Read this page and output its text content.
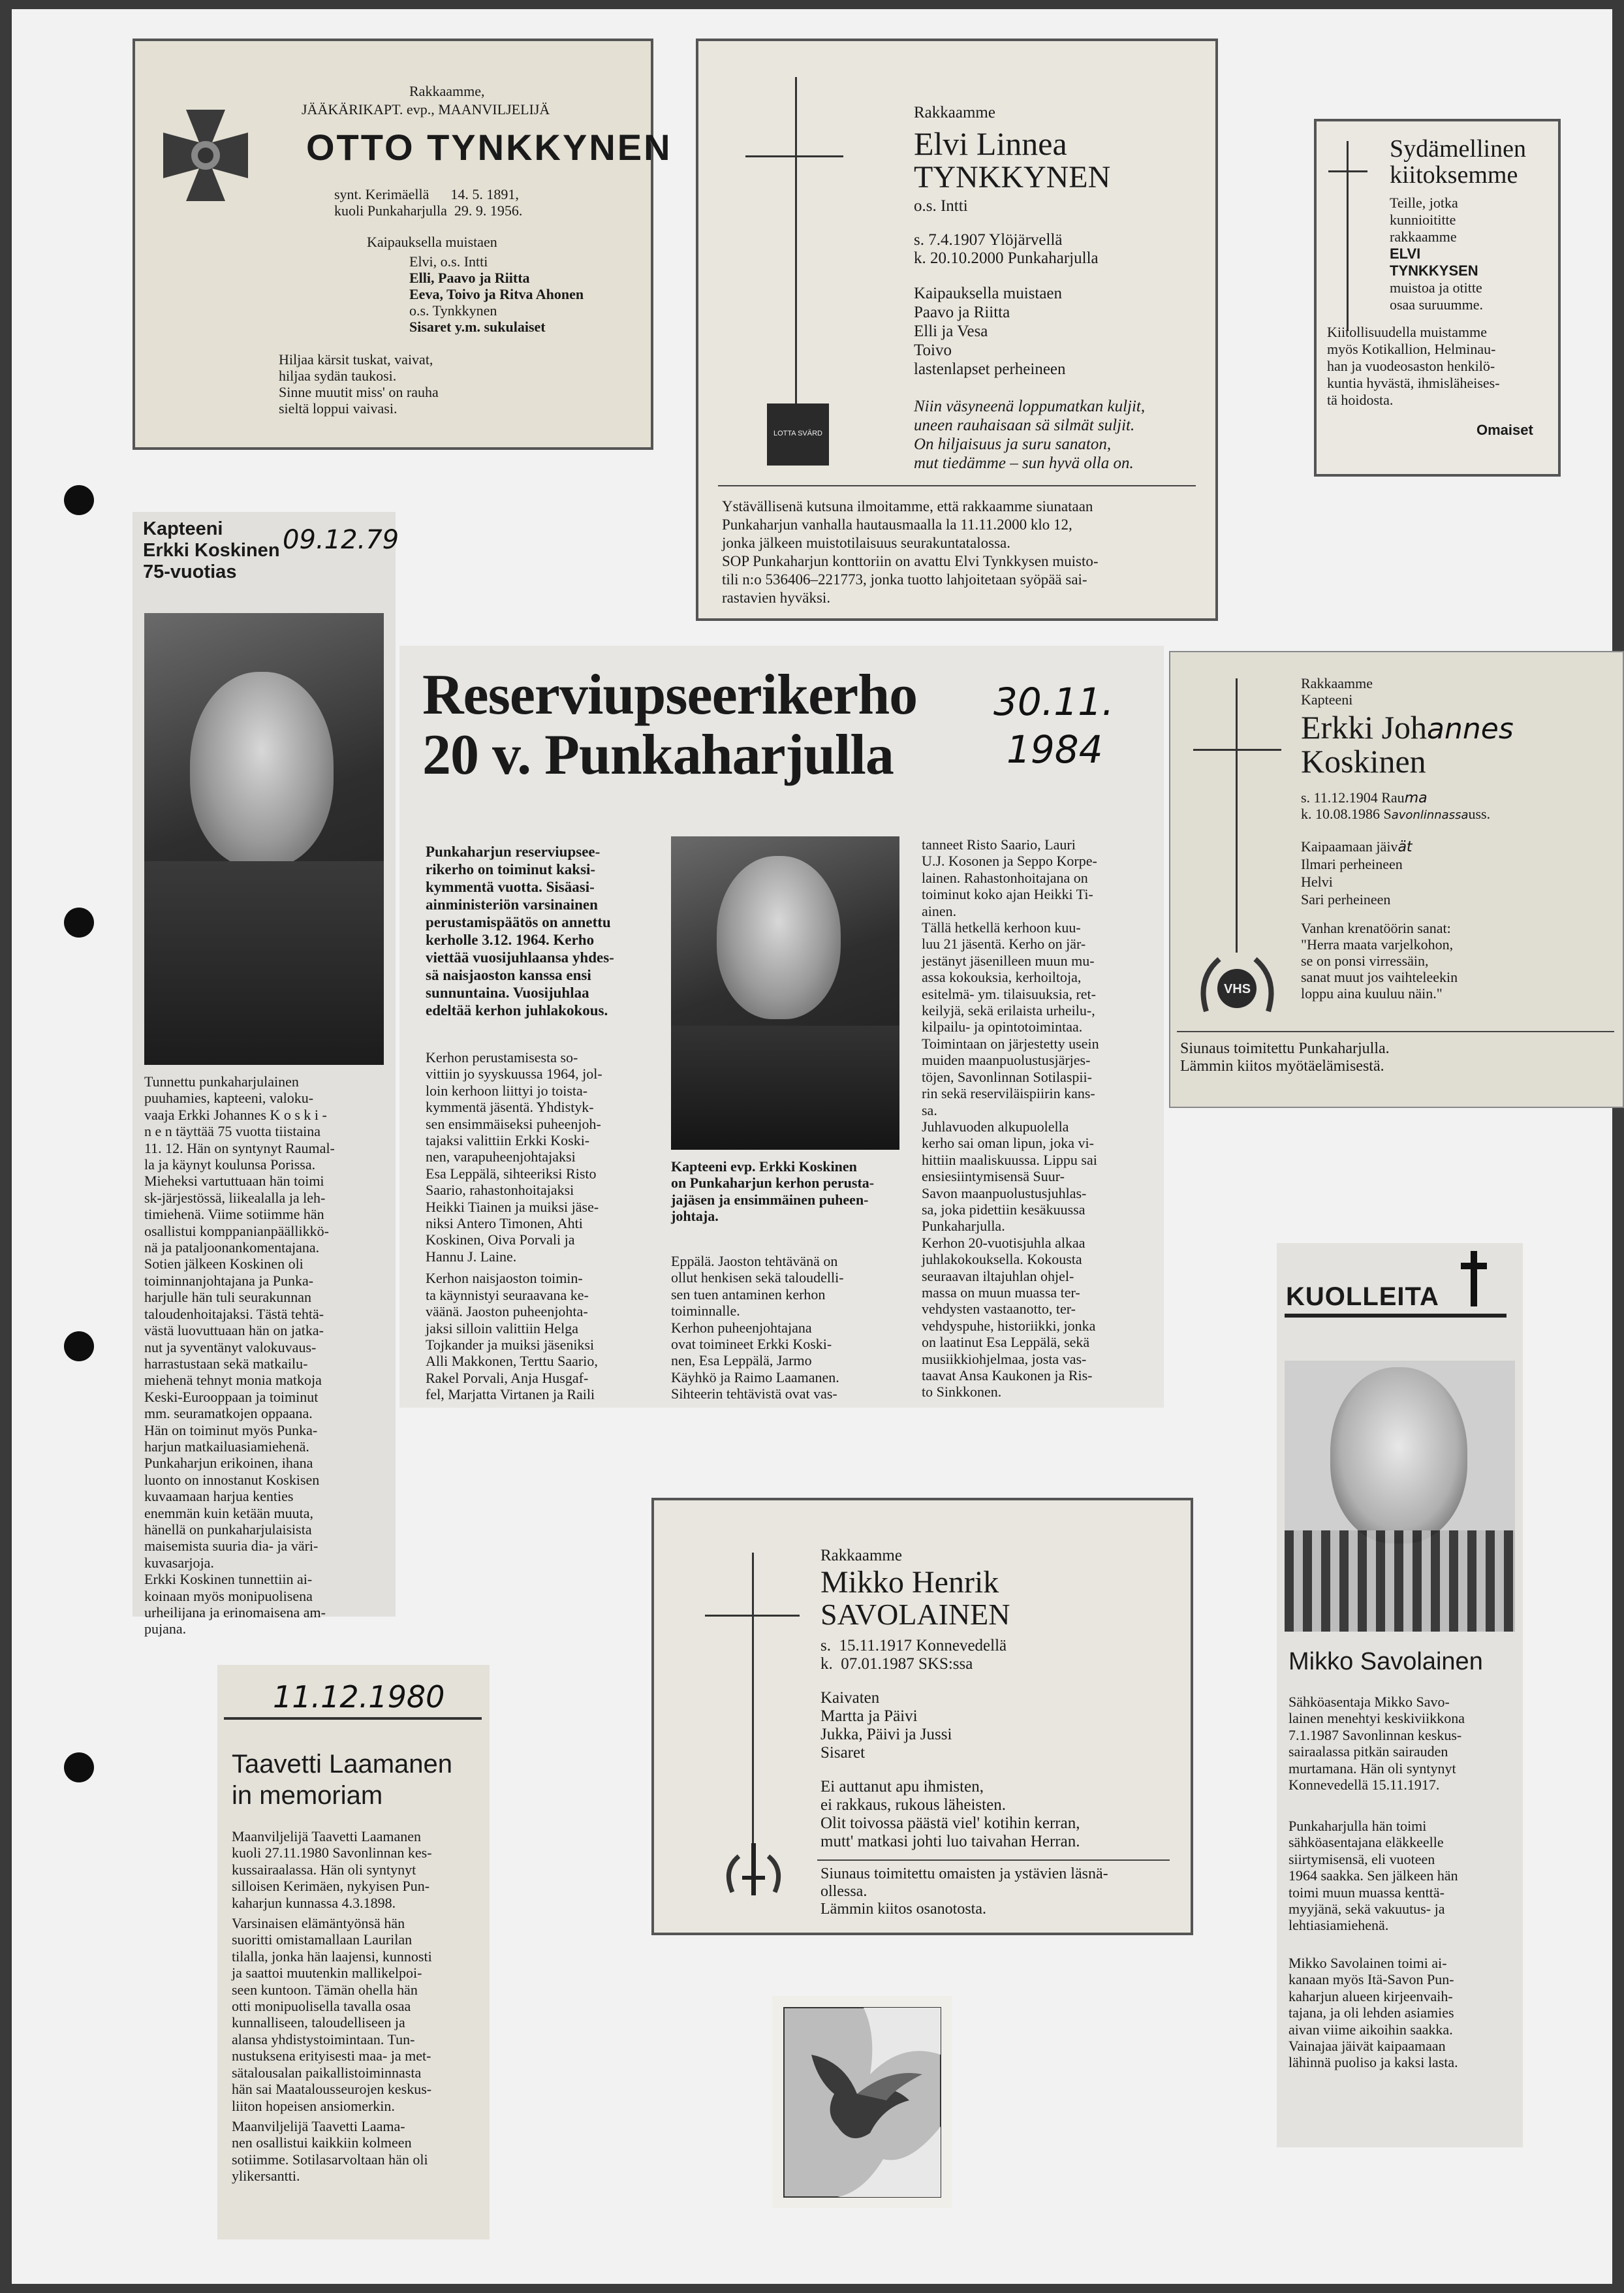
Rakkaamme,
JÄÄKÄRIKAPT. evp., MAANVILJELIJÄ
OTTO TYNKKYNEN
synt. Kerimäellä      14. 5. 1891,
kuoli Punkaharjulla  29. 9. 1956.
Kaipauksella muistaen
Elvi, o.s. Intti
Elli, Paavo ja Riitta
Eeva, Toivo ja Ritva Ahonen
o.s. Tynkkynen
Sisaret y.m. sukulaiset
Hiljaa kärsit tuskat, vaivat,
hiljaa sydän taukosi.
Sinne muutit miss' on rauha
sieltä loppui vaivasi.
Rakkaamme
Elvi Linnea
TYNKKYNEN
o.s. Intti
s. 7.4.1907 Ylöjärvellä
k. 20.10.2000 Punkaharjulla
Kaipauksella muistaen
Paavo ja Riitta
Elli ja Vesa
Toivo
lastenlapset perheineen
LOTTA SVÄRD
Niin väsyneenä loppumatkan kuljit,
uneen rauhaisaan sä silmät suljit.
On hiljaisuus ja suru sanaton,
mut tiedämme – sun hyvä olla on.
Ystävällisenä kutsuna ilmoitamme, että rakkaamme siunataan
Punkaharjun vanhalla hautausmaalla la 11.11.2000 klo 12,
jonka jälkeen muistotilaisuus seurakuntatalossa.
SOP Punkaharjun konttoriin on avattu Elvi Tynkkysen muisto-
tili n:o 536406–221773, jonka tuotto lahjoitetaan syöpää sai-
rastavien hyväksi.
Sydämellinen
kiitoksemme
Teille, jotka
kunnioititte
rakkaamme
ELVI
TYNKKYSEN
muistoa ja otitte
osaa suruumme.
Kiitollisuudella muistamme
myös Kotikallion, Helminau-
han ja vuodeosaston henkilö-
kuntia hyvästä, ihmisläheises-
tä hoidosta.
Omaiset
Kapteeni
Erkki Koskinen
75-vuotias
09.12.79
Tunnettu punkaharjulainen
puuhamies, kapteeni, valoku-
vaaja Erkki Johannes K o s k i -
n e n täyttää 75 vuotta tiistaina
11. 12. Hän on syntynyt Raumal-
la ja käynyt koulunsa Porissa.
Mieheksi vartuttuaan hän toimi
sk-järjestössä, liikealalla ja leh-
timiehenä. Viime sotiimme hän
osallistui komppanianpäällikkö-
nä ja pataljoonankomentajana.
Sotien jälkeen Koskinen oli
toiminnanjohtajana ja Punka-
harjulle hän tuli seurakunnan
taloudenhoitajaksi. Tästä tehtä-
västä luovuttuaan hän on jatka-
nut ja syventänyt valokuvaus-
harrastustaan sekä matkailu-
miehenä tehnyt monia matkoja
Keski-Eurooppaan ja toiminut
mm. seuramatkojen oppaana.
Hän on toiminut myös Punka-
harjun matkailuasiamiehenä.
Punkaharjun erikoinen, ihana
luonto on innostanut Koskisen
kuvaamaan harjua kenties
enemmän kuin ketään muuta,
hänellä on punkaharjulaisista
maisemista suuria dia- ja väri-
kuvasarjoja.
Erkki Koskinen tunnettiin ai-
koinaan myös monipuolisena
urheilijana ja erinomaisena am-
pujana.
Reserviupseerikerho
20 v. Punkaharjulla
30.11.
1984
Punkaharjun reserviupsee-
rikerho on toiminut kaksi-
kymmentä vuotta. Sisäasi-
ainministeriön varsinainen
perustamispäätös on annettu
kerholle 3.12. 1964. Kerho
viettää vuosijuhlaansa yhdes-
sä naisjaoston kanssa ensi
sunnuntaina. Vuosijuhlaa
edeltää kerhon juhlakokous.
Kerhon perustamisesta so-
vittiin jo syyskuussa 1964, jol-
loin kerhoon liittyi jo toista-
kymmentä jäsentä. Yhdistyk-
sen ensimmäiseksi puheenjoh-
tajaksi valittiin Erkki Koski-
nen, varapuheenjohtajaksi
Esa Leppälä, sihteeriksi Risto
Saario, rahastonhoitajaksi
Heikki Tiainen ja muiksi jäse-
niksi Antero Timonen, Ahti
Koskinen, Oiva Porvali ja
Hannu J. Laine.
Kerhon naisjaoston toimin-
ta käynnistyi seuraavana ke-
väänä. Jaoston puheenjohta-
jaksi silloin valittiin Helga
Tojkander ja muiksi jäseniksi
Alli Makkonen, Terttu Saario,
Rakel Porvali, Anja Husgaf-
fel, Marjatta Virtanen ja Raili
Kapteeni evp. Erkki Koskinen
on Punkaharjun kerhon perusta-
jajäsen ja ensimmäinen puheen-
johtaja.
Eppälä. Jaoston tehtävänä on
ollut henkisen sekä taloudelli-
sen tuen antaminen kerhon
toiminnalle.
Kerhon puheenjohtajana
ovat toimineet Erkki Koski-
nen, Esa Leppälä, Jarmo
Käyhkö ja Raimo Laamanen.
Sihteerin tehtävistä ovat vas-
tanneet Risto Saario, Lauri
U.J. Kosonen ja Seppo Korpe-
lainen. Rahastonhoitajana on
toiminut koko ajan Heikki Ti-
ainen.
Tällä hetkellä kerhoon kuu-
luu 21 jäsentä. Kerho on jär-
jestänyt jäsenilleen muun mu-
assa kokouksia, kerhoiltoja,
esitelmä- ym. tilaisuuksia, ret-
keilyjä, sekä erilaista urheilu-,
kilpailu- ja opintotoimintaa.
Toimintaan on järjestetty usein
muiden maanpuolustusjärjes-
töjen, Savonlinnan Sotilaspii-
rin sekä reserviläispiirin kans-
sa.
Juhlavuoden alkupuolella
kerho sai oman lipun, joka vi-
hittiin maaliskuussa. Lippu sai
ensiesiintymisensä Suur-
Savon maanpuolustusjuhlas-
sa, joka pidettiin kesäkuussa
Punkaharjulla.
Kerhon 20-vuotisjuhla alkaa
juhlakokouksella. Kokousta
seuraavan iltajuhlan ohjel-
massa on muun muassa ter-
vehdysten vastaanotto, ter-
vehdyspuhe, historiikki, jonka
on laatinut Esa Leppälä, sekä
musiikkiohjelmaa, josta vas-
taavat Ansa Kaukonen ja Ris-
to Sinkkonen.
Rakkaamme
Kapteeni
Erkki Johannes
Koskinen
s. 11.12.1904 Rauma
k. 10.08.1986 Savonlinnassauss.
Kaipaamaan jäivät
Ilmari perheineen
Helvi
Sari perheineen
Vanhan krenatöörin sanat:
"Herra maata varjelkohon,
se on ponsi virressäin,
sanat muut jos vaihteleekin
loppu aina kuuluu näin."
VHS
Siunaus toimitettu Punkaharjulla.
Lämmin kiitos myötäelämisestä.
KUOLLEITA
Mikko Savolainen
Sähköasentaja Mikko Savo-
lainen menehtyi keskiviikkona
7.1.1987 Savonlinnan keskus-
sairaalassa pitkän sairauden
murtamana. Hän oli syntynyt
Konnevedellä 15.11.1917.
Punkaharjulla hän toimi
sähköasentajana eläkkeelle
siirtymisensä, eli vuoteen
1964 saakka. Sen jälkeen hän
toimi muun muassa kenttä-
myyjänä, sekä vakuutus- ja
lehtiasiamiehenä.
Mikko Savolainen toimi ai-
kanaan myös Itä-Savon Pun-
kaharjun alueen kirjeenvaih-
tajana, ja oli lehden asiamies
aivan viime aikoihin saakka.
Vainajaa jäivät kaipaamaan
lähinnä puoliso ja kaksi lasta.
11.12.1980
Taavetti Laamanen
in memoriam
Maanviljelijä Taavetti Laamanen
kuoli 27.11.1980 Savonlinnan kes-
kussairaalassa. Hän oli syntynyt
silloisen Kerimäen, nykyisen Pun-
kaharjun kunnassa 4.3.1898.
Varsinaisen elämäntyönsä hän
suoritti omistamallaan Laurilan
tilalla, jonka hän laajensi, kunnosti
ja saattoi muutenkin mallikelpoi-
seen kuntoon. Tämän ohella hän
otti monipuolisella tavalla osaa
kunnalliseen, taloudelliseen ja
alansa yhdistystoimintaan. Tun-
nustuksena erityisesti maa- ja met-
sätalousalan paikallistoiminnasta
hän sai Maatalousseurojen keskus-
liiton hopeisen ansiomerkin.
Maanviljelijä Taavetti Laama-
nen osallistui kaikkiin kolmeen
sotiimme. Sotilasarvoltaan hän oli
ylikersantti.
Rakkaamme
Mikko Henrik
SAVOLAINEN
s.  15.11.1917 Konnevedellä
k.  07.01.1987 SKS:ssa
Kaivaten
Martta ja Päivi
Jukka, Päivi ja Jussi
Sisaret
Ei auttanut apu ihmisten,
ei rakkaus, rukous läheisten.
Olit toivossa päästä viel' kotihin kerran,
mutt' matkasi johti luo taivahan Herran.
Siunaus toimitettu omaisten ja ystävien läsnä-
ollessa.
Lämmin kiitos osanotosta.
